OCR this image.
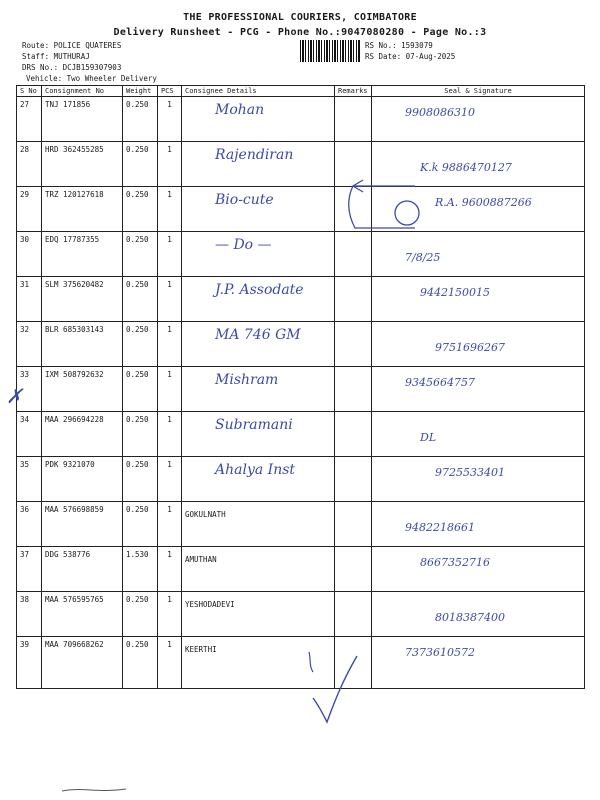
THE PROFESSIONAL COURIERS, COIMBATORE
Delivery Runsheet - PCG - Phone No.:9047080280 - Page No.:3
Route: POLICE QUATERES
Staff: MUTHURAJ
DRS No.: DCJB159307903
Vehicle: Two Wheeler Delivery
RS No.: 1593079
RS Date: 07-Aug-2025
S No	Consignment No	Weight	PCS	Consignee Details	Remarks	Seal & Signature
27	TNJ 171856	0.250	1	Mohan		9908086310

28	HRD 362455285	0.250	1	Rajendiran		K.k 9886470127

29	TRZ 120127618	0.250	1	Bio-cute		R.A. 9600887266

30	EDQ 17787355	0.250	1	— Do —		7/8/25

31	SLM 375620482	0.250	1	J.P. Assodate		9442150015

32	BLR 685303143	0.250	1	MA 746 GM		9751696267

33	IXM 508792632	0.250	1	Mishram		9345664757

34	MAA 296694228	0.250	1	Subramani		DL

35	PDK 9321070	0.250	1	Ahalya Inst		9725533401

36	MAA 576698859	0.250	1	GOKULNATH		9482218661

37	DDG 538776	1.530	1	AMUTHAN		8667352716

38	MAA 576595765	0.250	1	YESHODADEVI		8018387400

39	MAA 709668262	0.250	1	KEERTHI		7373610572
✗
